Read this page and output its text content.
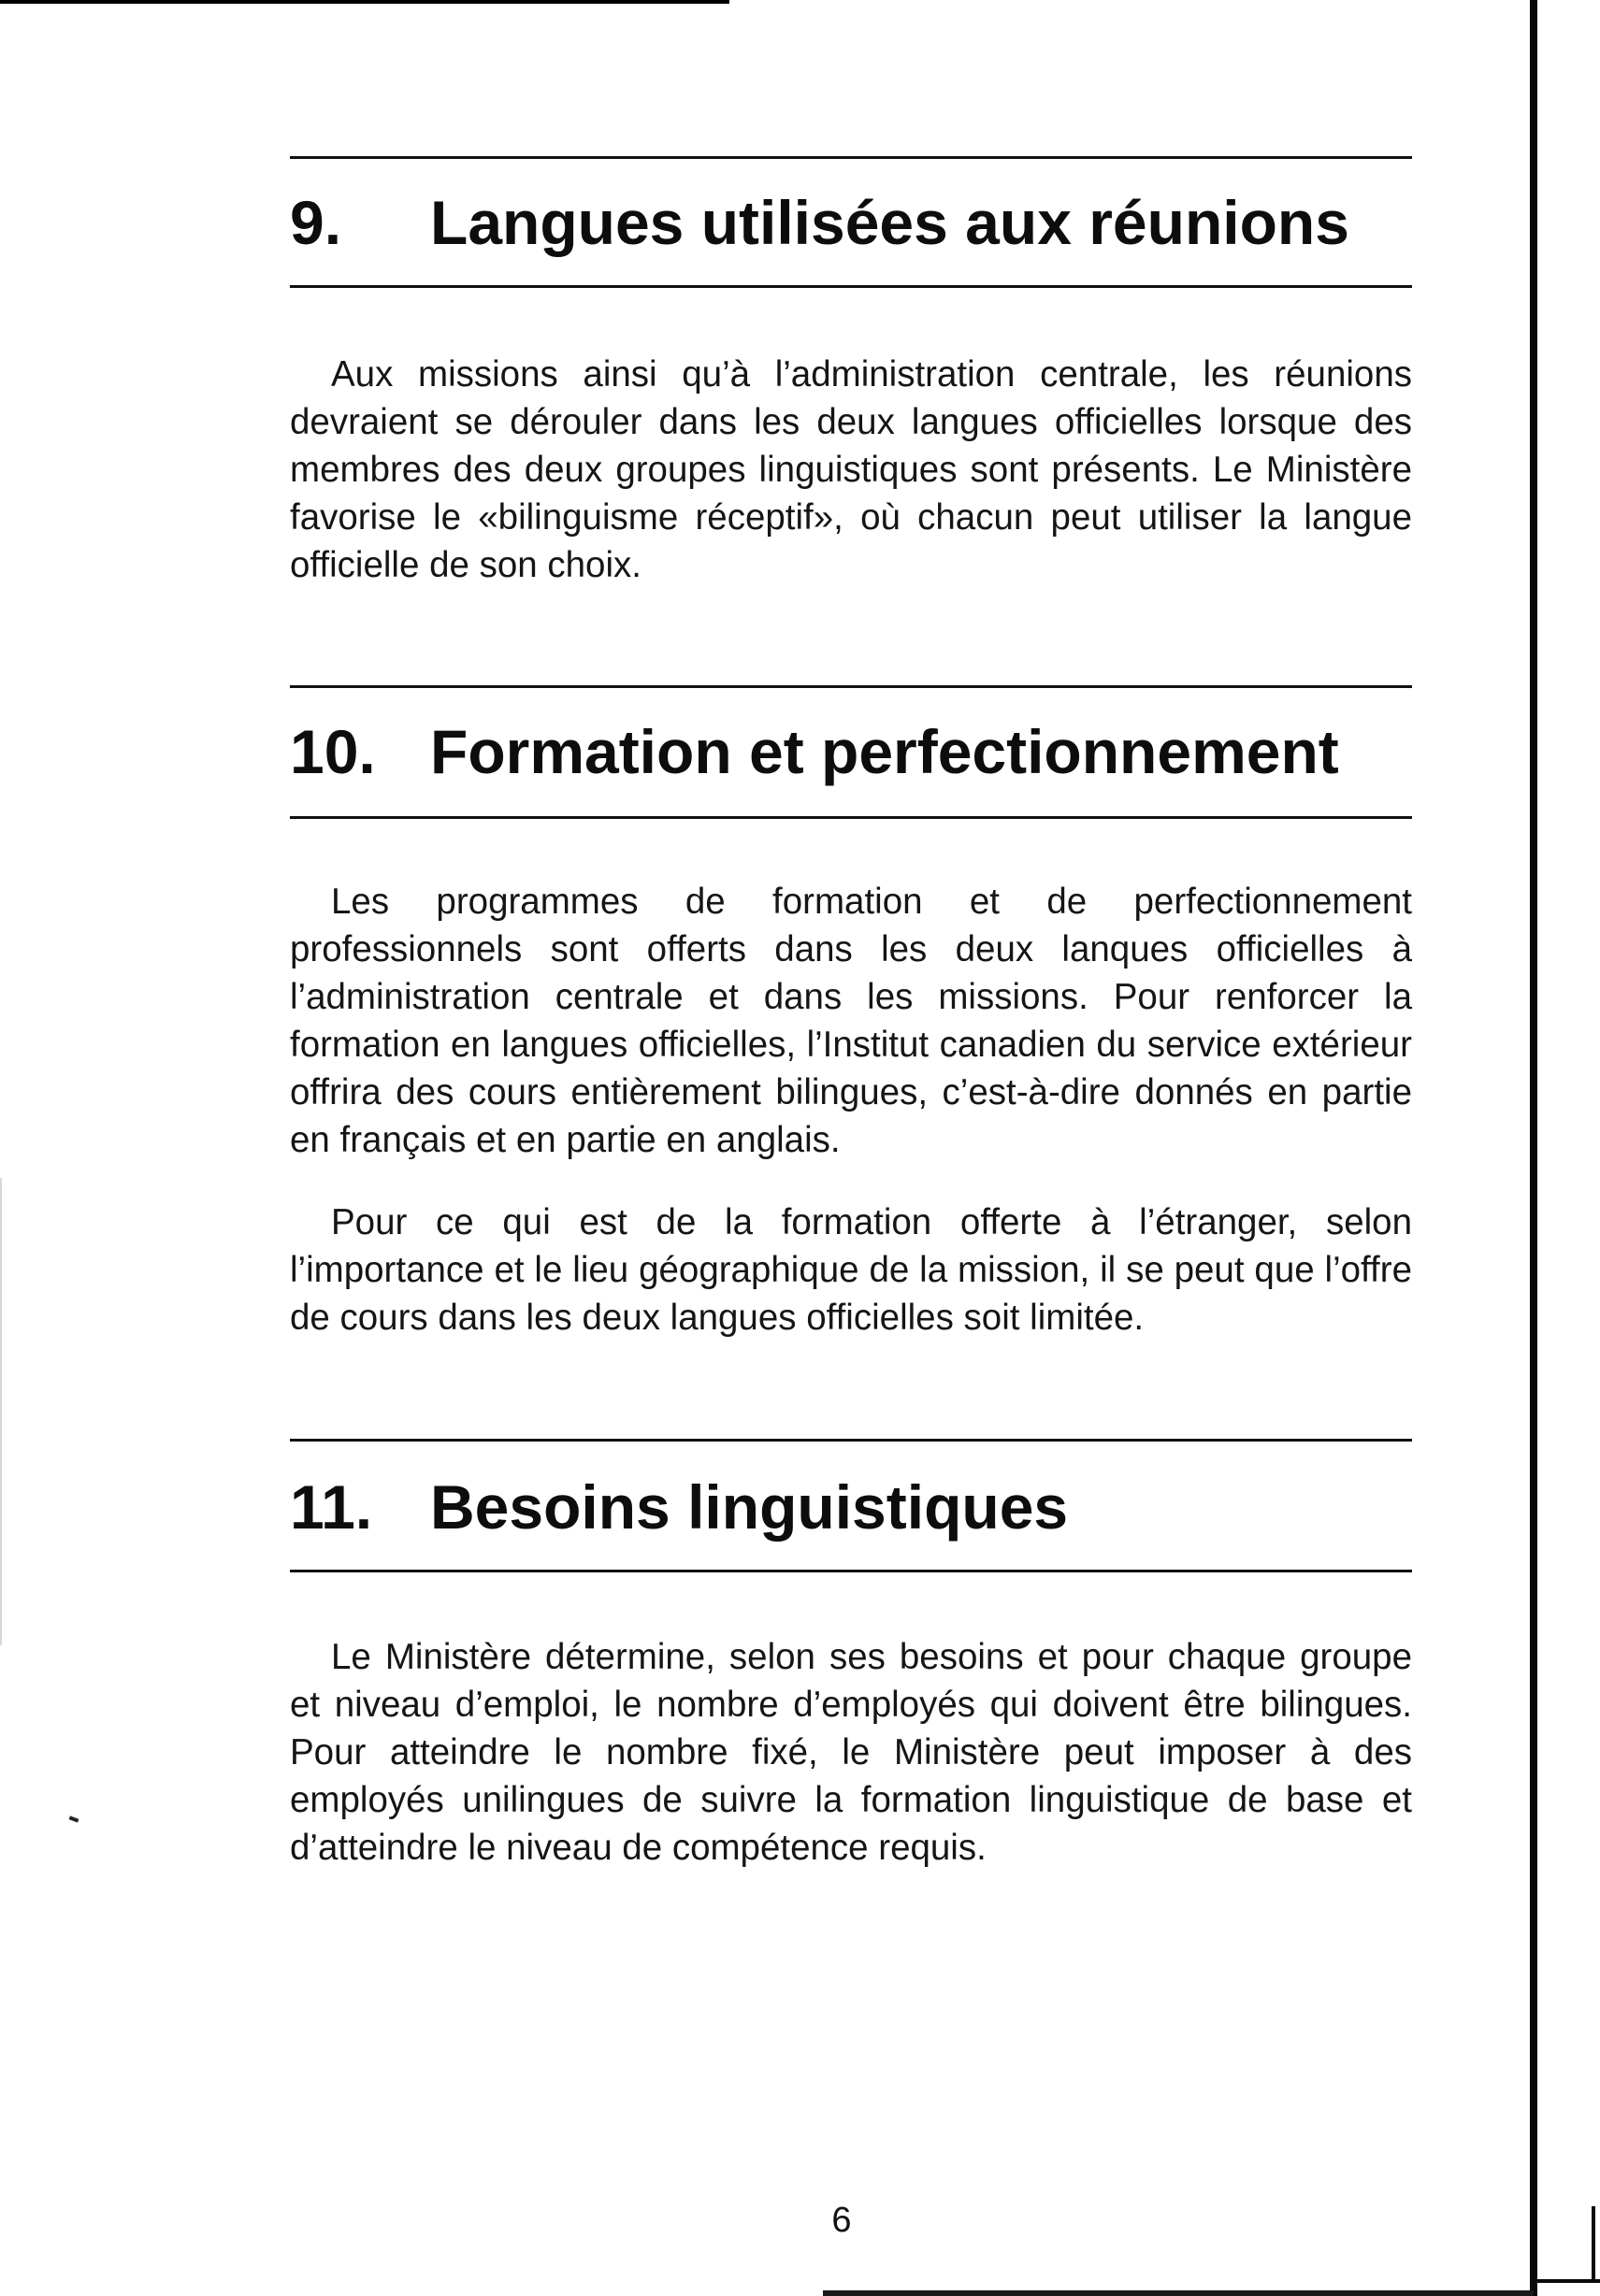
9. Langues utilisées aux réunions
Aux missions ainsi qu’à l’administration centrale, les réunions devraient se dérouler dans les deux langues officielles lorsque des membres des deux groupes linguistiques sont présents. Le Ministère favorise le «bilinguisme réceptif», où chacun peut utiliser la langue officielle de son choix.
10. Formation et perfectionnement
Les programmes de formation et de perfectionnement professionnels sont offerts dans les deux lanques officielles à l’administration centrale et dans les missions. Pour renforcer la formation en langues officielles, l’Institut canadien du service extérieur offrira des cours entièrement bilingues, c’est-à-dire donnés en partie en français et en partie en anglais.
Pour ce qui est de la formation offerte à l’étranger, selon l’importance et le lieu géographique de la mission, il se peut que l’offre de cours dans les deux langues officielles soit limitée.
11. Besoins linguistiques
Le Ministère détermine, selon ses besoins et pour chaque groupe et niveau d’emploi, le nombre d’employés qui doivent être bilingues. Pour atteindre le nombre fixé, le Ministère peut imposer à des employés unilingues de suivre la formation linguistique de base et d’atteindre le niveau de compétence requis.
6
